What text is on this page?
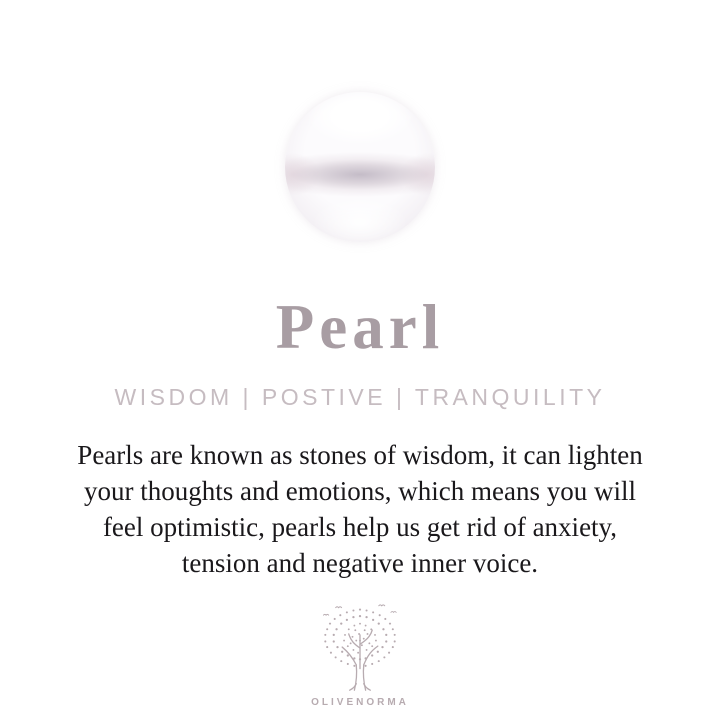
Pearl
WISDOM | POSTIVE | TRANQUILITY
Pearls are known as stones of wisdom, it can lighten
your thoughts and emotions, which means you will
feel optimistic, pearls help us get rid of anxiety,
tension and negative inner voice.
OLIVENORMA
